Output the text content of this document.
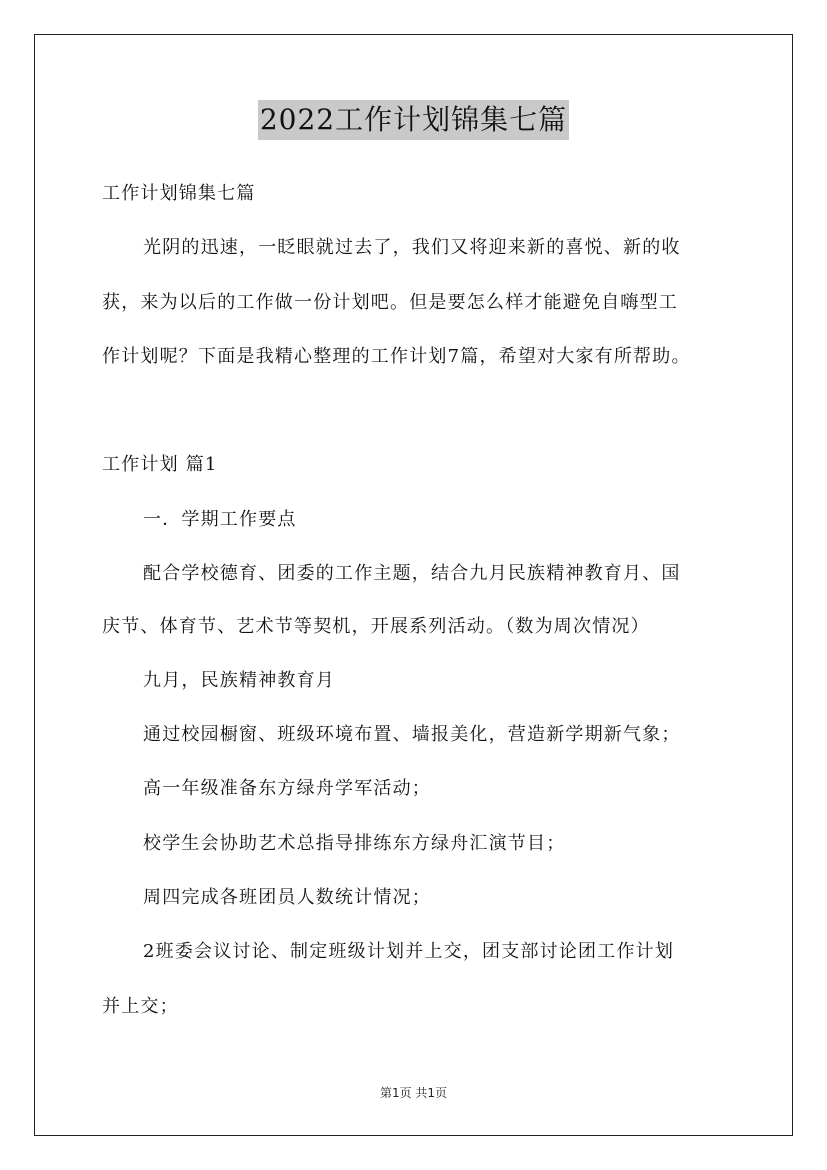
2022工作计划锦集七篇
工作计划锦集七篇
光阴的迅速，一眨眼就过去了，我们又将迎来新的喜悦、新的收
获，来为以后的工作做一份计划吧。但是要怎么样才能避免自嗨型工
作计划呢？下面是我精心整理的工作计划7篇，希望对大家有所帮助。
工作计划 篇1
一．学期工作要点
配合学校德育、团委的工作主题，结合九月民族精神教育月、国
庆节、体育节、艺术节等契机，开展系列活动。（数为周次情况）
九月，民族精神教育月
通过校园橱窗、班级环境布置、墙报美化，营造新学期新气象；
高一年级准备东方绿舟学军活动；
校学生会协助艺术总指导排练东方绿舟汇演节目；
周四完成各班团员人数统计情况；
2班委会议讨论、制定班级计划并上交，团支部讨论团工作计划
并上交；
第1页 共1页
